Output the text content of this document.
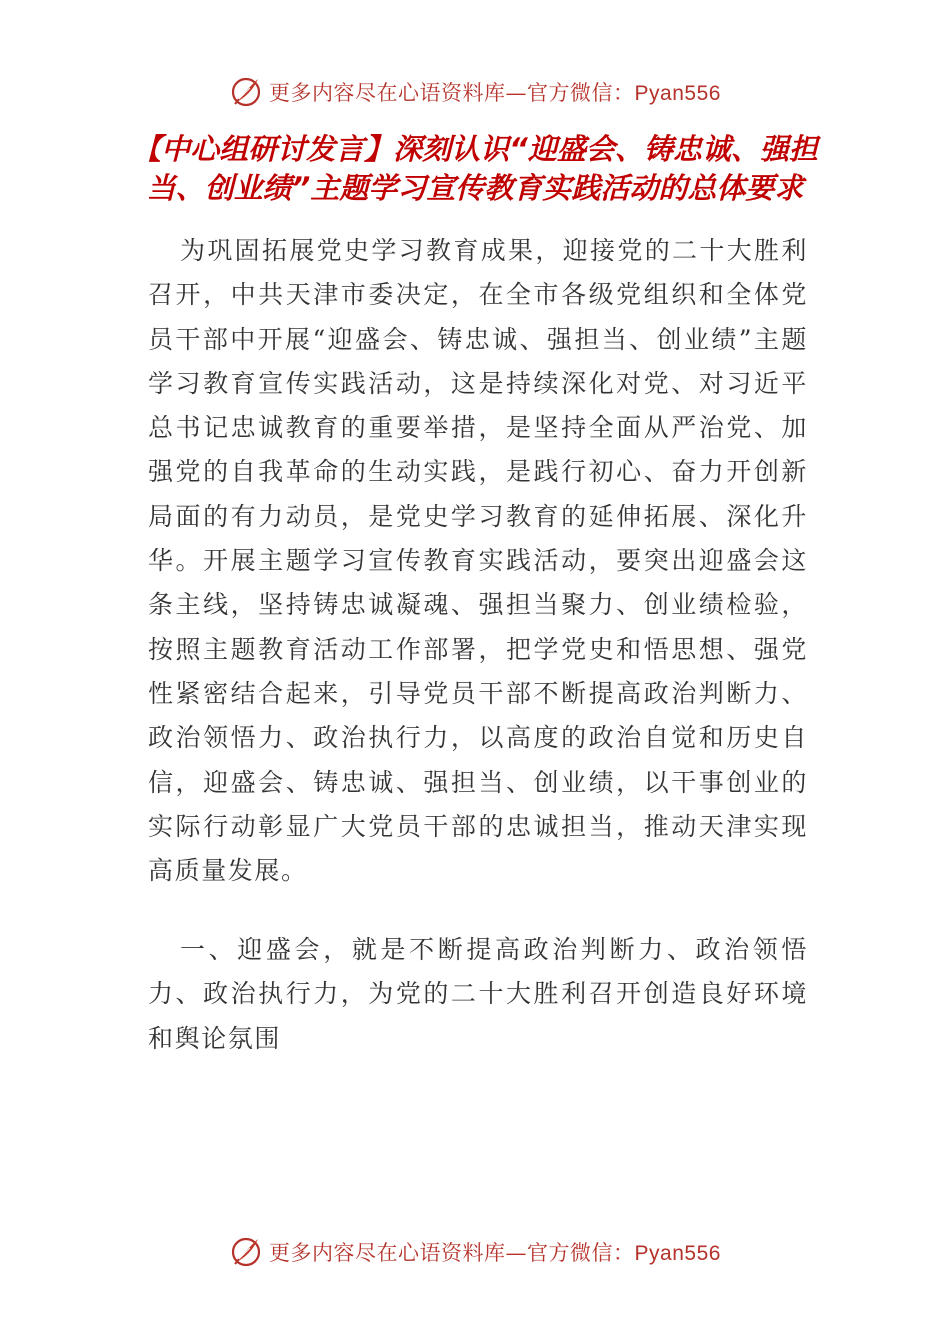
更多内容尽在心语资料库—官方微信：Pyan556
【中心组研讨发言】深刻认识“迎盛会、铸忠诚、强担当、创业绩”主题学习宣传教育实践活动的总体要求

为巩固拓展党史学习教育成果，迎接党的二十大胜利召开，中共天津市委决定，在全市各级党组织和全体党员干部中开展“迎盛会、铸忠诚、强担当、创业绩”主题学习教育宣传实践活动，这是持续深化对党、对习近平总书记忠诚教育的重要举措，是坚持全面从严治党、加强党的自我革命的生动实践，是践行初心、奋力开创新局面的有力动员，是党史学习教育的延伸拓展、深化升华。开展主题学习宣传教育实践活动，要突出迎盛会这条主线，坚持铸忠诚凝魂、强担当聚力、创业绩检验，按照主题教育活动工作部署，把学党史和悟思想、强党性紧密结合起来，引导党员干部不断提高政治判断力、政治领悟力、政治执行力，以高度的政治自觉和历史自信，迎盛会、铸忠诚、强担当、创业绩，以干事创业的实际行动彰显广大党员干部的忠诚担当，推动天津实现高质量发展。

一、迎盛会，就是不断提高政治判断力、政治领悟力、政治执行力，为党的二十大胜利召开创造良好环境和舆论氛围

更多内容尽在心语资料库—官方微信：Pyan556
